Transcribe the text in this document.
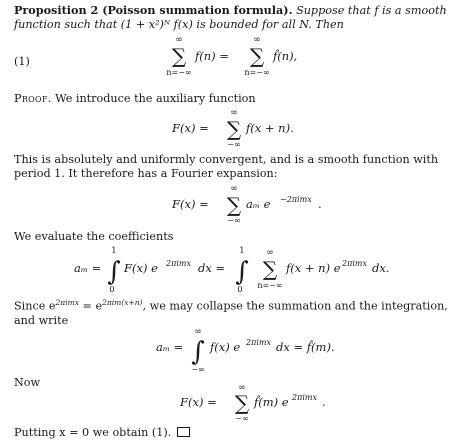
Proposition 2 (Poisson summation formula). Suppose that f is a smooth function such that (1 + x²)ᴺ f(x) is bounded for all N. Then

(1)
∞
∑
n=−∞
f(n) =
∞
∑
n=−∞
f̂(n),

Proof. We introduce the auxiliary function

F(x) =
∞
∑
−∞
f(x + n).

This is absolutely and uniformly convergent, and is a smooth function with period 1. It therefore has a Fourier expansion:

F(x) =
∞
∑
−∞
aₘ e −2πimx .

We evaluate the coefficients

aₘ =
1
∫
0
F(x) e 2πimx dx =
1
∫
0
∞
∑
n=−∞
f(x + n) e 2πimx dx.

Since $e^{2\pi imx} = e^{2\pi im(x+n)}$, we may collapse the summation and the integration, and write

aₘ =
∞
∫
−∞
f(x) e 2πimx dx = f̂(m).

Now

F(x) =
∞
∑
−∞
f̂(m) e 2πimx .

Putting x = 0 we obtain (1).
